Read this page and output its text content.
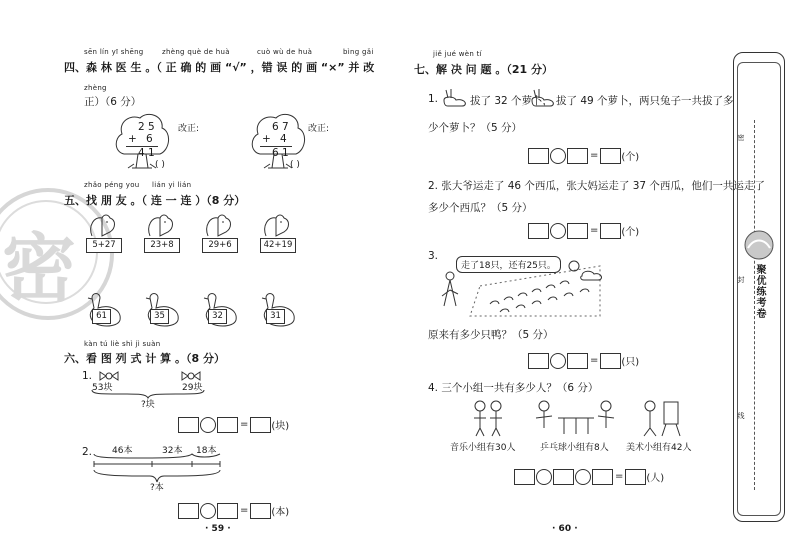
密
sēn lín yī shēng	zhèng què de huà	cuò wù de huà	bìng gǎi
四、森 林 医 生 。（ 正 确 的 画 “√” ，错 误 的 画 “×” 并 改
zhèng
正）（6 分）
2 5
+ 6
4 1
( )
改正:	6 7
+ 4
6 1
( )
改正:
zhǎo péng you lián yi lián
五、找 朋 友 。（ 连 一 连 ）（8 分）
5+27	23+8	29+6	42+19
61	35	32	31
kàn tú liè shì jì suàn
六、看 图 列 式 计 算 。（8 分）
1.
53块	29块
?块
= (块)
2. 46本	32本 18本
?本
= (本)
· 59 ·
jiě jué wèn tí
七、解 决 问 题 。（21 分）
1.	拔了 32 个萝卜， 拔了 49 个萝卜，两只兔子一共拔了多
少个萝卜？（5 分）
= (个)
2. 张大爷运走了 46 个西瓜，张大妈运走了 37 个西瓜，他们一共运走了
多少个西瓜？（5 分）
= (个)
3.
走了18只，还有25只。
原来有多少只鸭？（5 分）
= (只)
4. 三个小组一共有多少人？（6 分）
音乐小组有30人	乒乓球小组有8人 美术小组有42人
= (人)
· 60 ·
密
封
线
聚优练考卷
